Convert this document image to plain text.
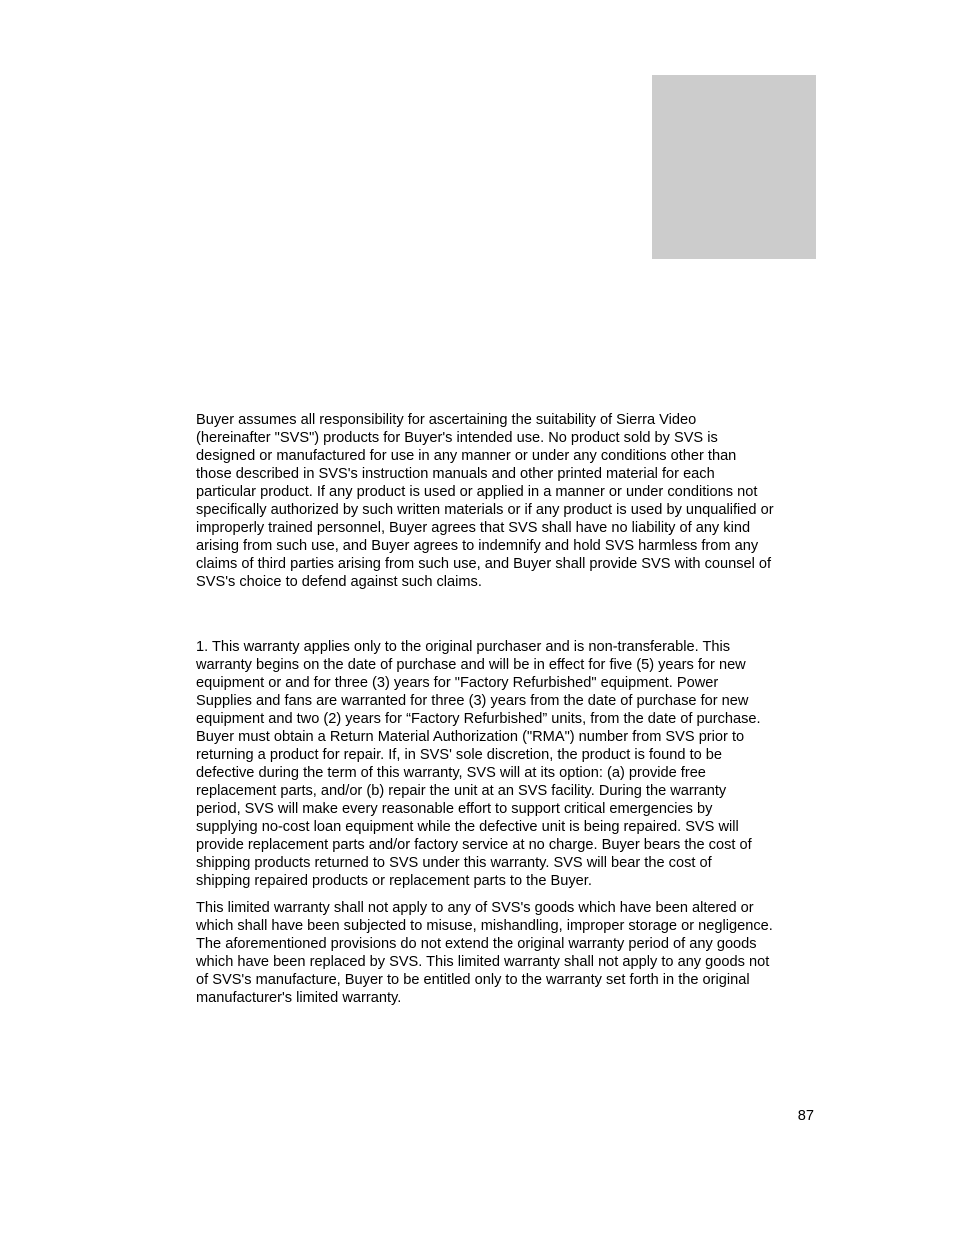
Buyer assumes all responsibility for ascertaining the suitability of Sierra Video
(hereinafter "SVS") products for Buyer's intended use. No product sold by SVS is
designed or manufactured for use in any manner or under any conditions other than
those described in SVS's instruction manuals and other printed material for each
particular product. If any product is used or applied in a manner or under conditions not
specifically authorized by such written materials or if any product is used by unqualified or
improperly trained personnel, Buyer agrees that SVS shall have no liability of any kind
arising from such use, and Buyer agrees to indemnify and hold SVS harmless from any
claims of third parties arising from such use, and Buyer shall provide SVS with counsel of
SVS's choice to defend against such claims.

1. This warranty applies only to the original purchaser and is non-transferable. This
warranty begins on the date of purchase and will be in effect for five (5) years for new
equipment or and for three (3) years for "Factory Refurbished" equipment. Power
Supplies and fans are warranted for three (3) years from the date of purchase for new
equipment and two (2) years for “Factory Refurbished” units, from the date of purchase.
Buyer must obtain a Return Material Authorization ("RMA") number from SVS prior to
returning a product for repair. If, in SVS' sole discretion, the product is found to be
defective during the term of this warranty, SVS will at its option: (a) provide free
replacement parts, and/or (b) repair the unit at an SVS facility. During the warranty
period, SVS will make every reasonable effort to support critical emergencies by
supplying no-cost loan equipment while the defective unit is being repaired. SVS will
provide replacement parts and/or factory service at no charge. Buyer bears the cost of
shipping products returned to SVS under this warranty. SVS will bear the cost of
shipping repaired products or replacement parts to the Buyer.

This limited warranty shall not apply to any of SVS's goods which have been altered or
which shall have been subjected to misuse, mishandling, improper storage or negligence.
The aforementioned provisions do not extend the original warranty period of any goods
which have been replaced by SVS. This limited warranty shall not apply to any goods not
of SVS's manufacture, Buyer to be entitled only to the warranty set forth in the original
manufacturer's limited warranty.

87
